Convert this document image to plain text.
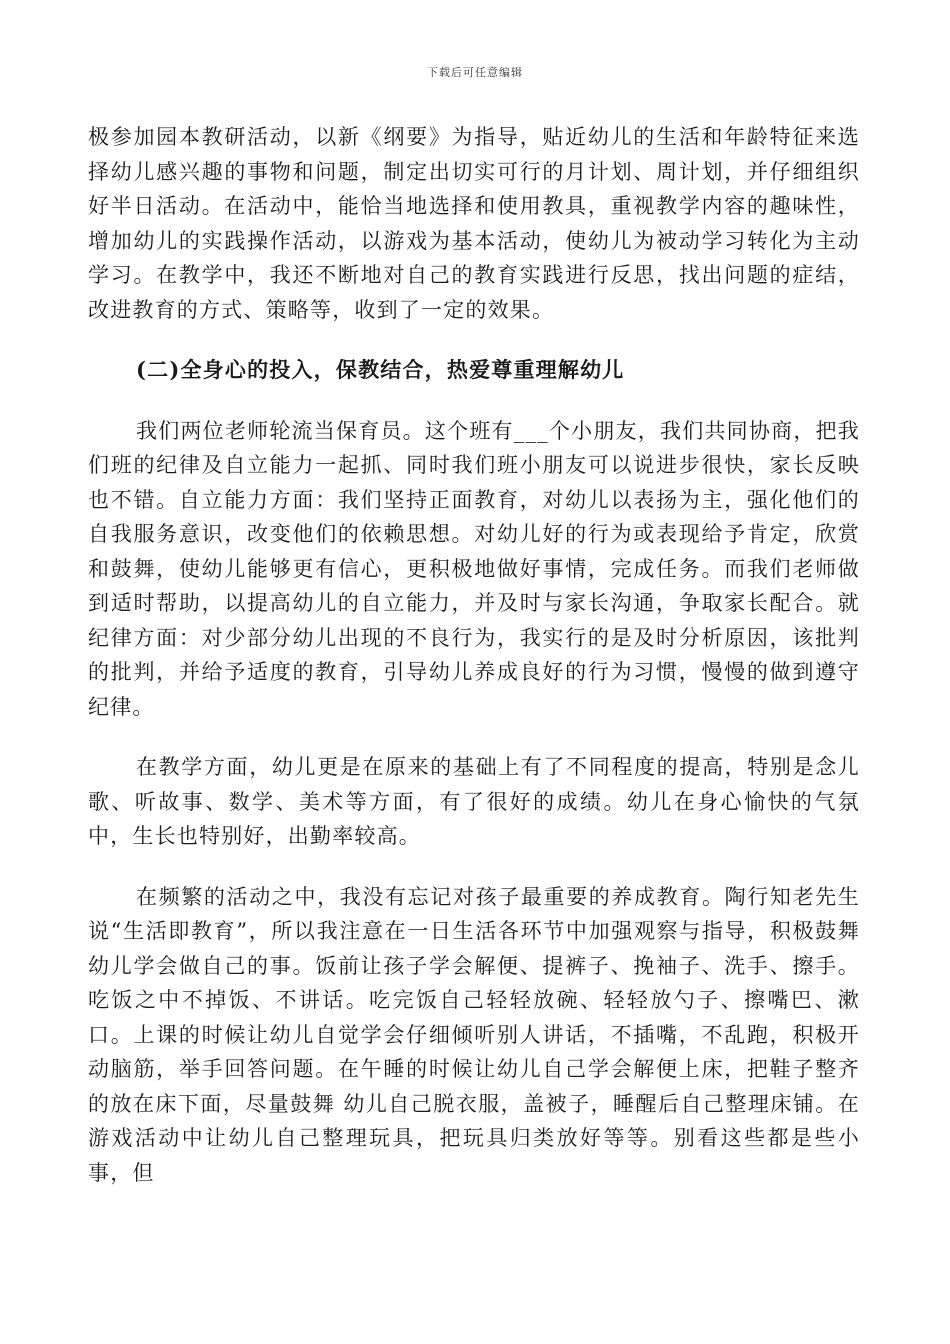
下载后可任意编辑

极参加园本教研活动，以新《纲要》为指导，贴近幼儿的生活和年龄特征来选择幼儿感兴趣的事物和问题，制定出切实可行的月计划、周计划，并仔细组织好半日活动。在活动中，能恰当地选择和使用教具，重视教学内容的趣味性，增加幼儿的实践操作活动，以游戏为基本活动，使幼儿为被动学习转化为主动学习。在教学中，我还不断地对自己的教育实践进行反思，找出问题的症结，改进教育的方式、策略等，收到了一定的效果。

(二)全身心的投入，保教结合，热爱尊重理解幼儿

我们两位老师轮流当保育员。这个班有___个小朋友，我们共同协商，把我们班的纪律及自立能力一起抓、同时我们班小朋友可以说进步很快，家长反映也不错。自立能力方面：我们坚持正面教育，对幼儿以表扬为主，强化他们的自我服务意识，改变他们的依赖思想。对幼儿好的行为或表现给予肯定，欣赏和鼓舞，使幼儿能够更有信心，更积极地做好事情，完成任务。而我们老师做到适时帮助，以提高幼儿的自立能力，并及时与家长沟通，争取家长配合。就纪律方面：对少部分幼儿出现的不良行为，我实行的是及时分析原因，该批判的批判，并给予适度的教育，引导幼儿养成良好的行为习惯，慢慢的做到遵守纪律。

在教学方面，幼儿更是在原来的基础上有了不同程度的提高，特别是念儿歌、听故事、数学、美术等方面，有了很好的成绩。幼儿在身心愉快的气氛中，生长也特别好，出勤率较高。

在频繁的活动之中，我没有忘记对孩子最重要的养成教育。陶行知老先生说“生活即教育”，所以我注意在一日生活各环节中加强观察与指导，积极鼓舞幼儿学会做自己的事。饭前让孩子学会解便、提裤子、挽袖子、洗手、擦手。吃饭之中不掉饭、不讲话。吃完饭自己轻轻放碗、轻轻放勺子、擦嘴巴、漱口。上课的时候让幼儿自觉学会仔细倾听别人讲话，不插嘴，不乱跑，积极开动脑筋，举手回答问题。在午睡的时候让幼儿自己学会解便上床，把鞋子整齐的放在床下面，尽量鼓舞 幼儿自己脱衣服，盖被子，睡醒后自己整理床铺。在游戏活动中让幼儿自己整理玩具，把玩具归类放好等等。别看这些都是些小事，但
